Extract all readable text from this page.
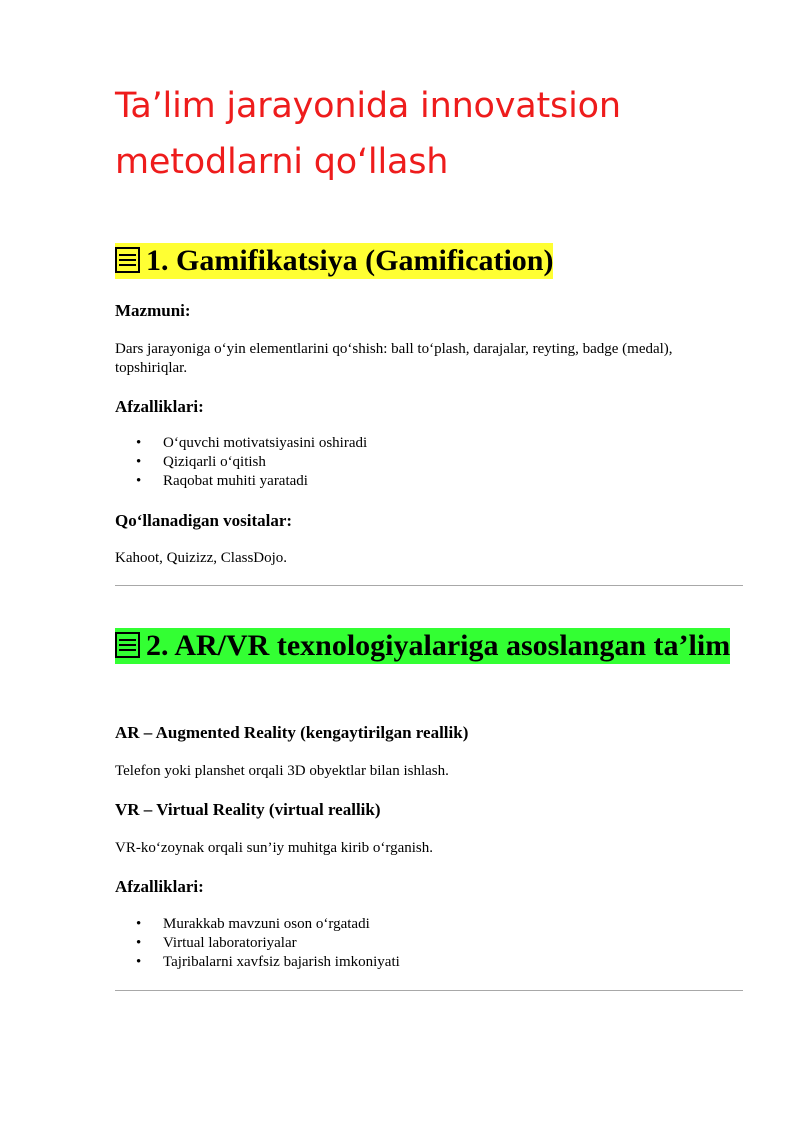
Ta’lim jarayonida innovatsion metodlarni qo‘llash
1. Gamifikatsiya (Gamification)
Mazmuni:

Dars jarayoniga o‘yin elementlarini qo‘shish: ball to‘plash, darajalar, reyting, badge (medal), topshiriqlar.

Afzalliklari:
• O‘quvchi motivatsiyasini oshiradi
• Qiziqarli o‘qitish
• Raqobat muhiti yaratadi
Qo‘llanadigan vositalar:

Kahoot, Quizizz, ClassDojo.

2. AR/VR texnologiyalariga asoslangan ta’lim
AR – Augmented Reality (kengaytirilgan reallik)

Telefon yoki planshet orqali 3D obyektlar bilan ishlash.

VR – Virtual Reality (virtual reallik)

VR-ko‘zoynak orqali sun’iy muhitga kirib o‘rganish.

Afzalliklari:
• Murakkab mavzuni oson o‘rgatadi
• Virtual laboratoriyalar
• Tajribalarni xavfsiz bajarish imkoniyati
